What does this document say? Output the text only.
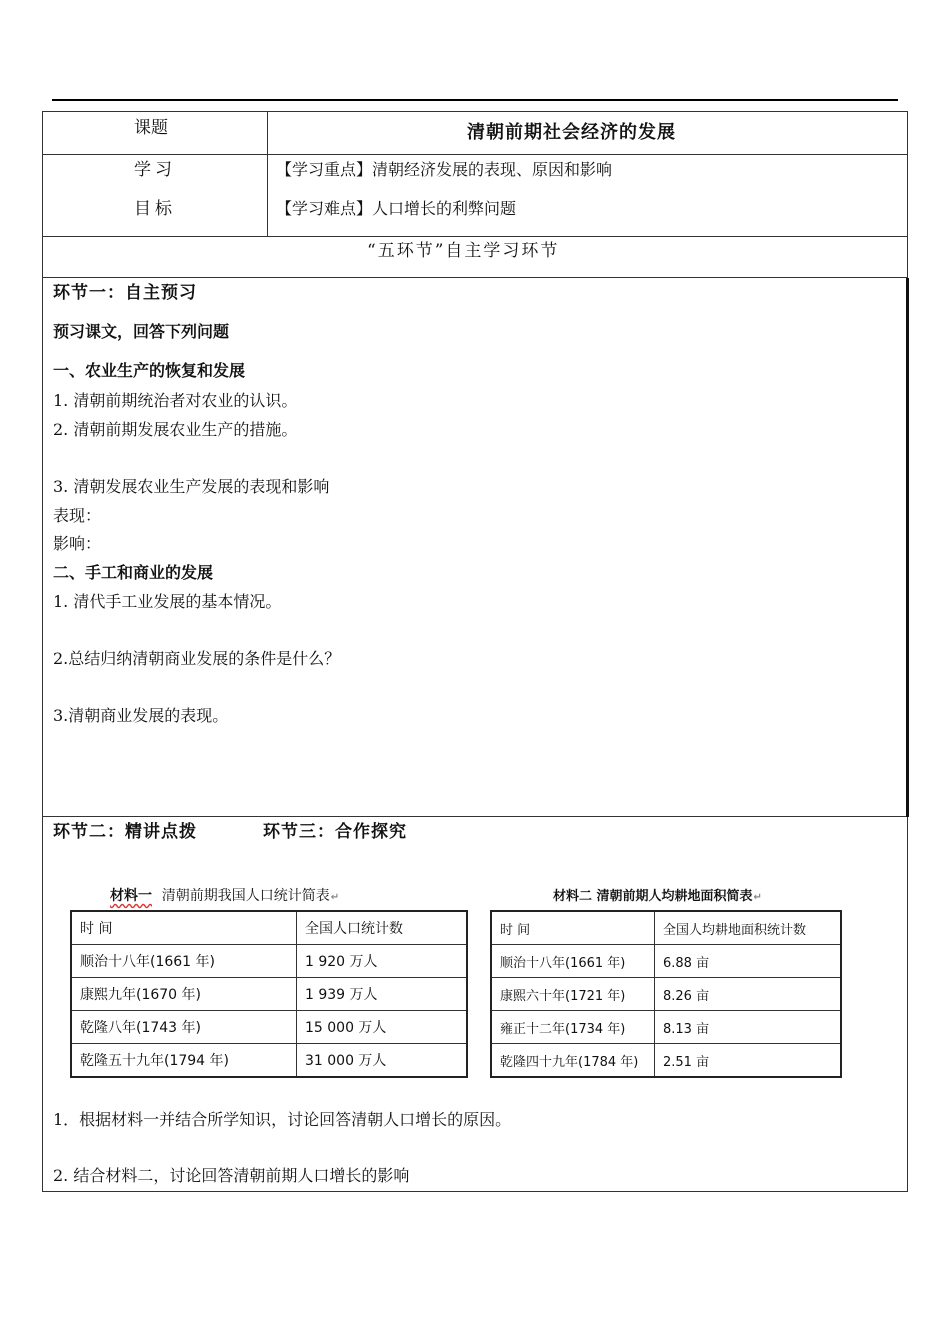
课题	清朝前期社会经济的发展
学习
目标
【学习重点】清朝经济发展的表现、原因和影响
【学习难点】人口增长的利弊问题
“五环节”自主学习环节
环节一：自主预习
预习课文，回答下列问题
一、农业生产的恢复和发展
1. 清朝前期统治者对农业的认识。
2. 清朝前期发展农业生产的措施。
3. 清朝发展农业生产发展的表现和影响
表现：
影响：
二、手工和商业的发展
1. 清代手工业发展的基本情况。
2.总结归纳清朝商业发展的条件是什么？
3.清朝商业发展的表现。
环节二：精讲点拨	环节三：合作探究
材料一 清朝前期我国人口统计简表↵
时 间	全国人口统计数
顺治十八年(1661 年)	1 920 万人
康熙九年(1670 年)	1 939 万人
乾隆八年(1743 年)	15 000 万人
乾隆五十九年(1794 年)	31 000 万人
材料二 清朝前期人均耕地面积简表↵
时 间	全国人均耕地面积统计数
顺治十八年(1661 年)	6.88 亩
康熙六十年(1721 年)	8.26 亩
雍正十二年(1734 年)	8.13 亩
乾隆四十九年(1784 年)	2.51 亩
1．根据材料一并结合所学知识，讨论回答清朝人口增长的原因。
2. 结合材料二，讨论回答清朝前期人口增长的影响
